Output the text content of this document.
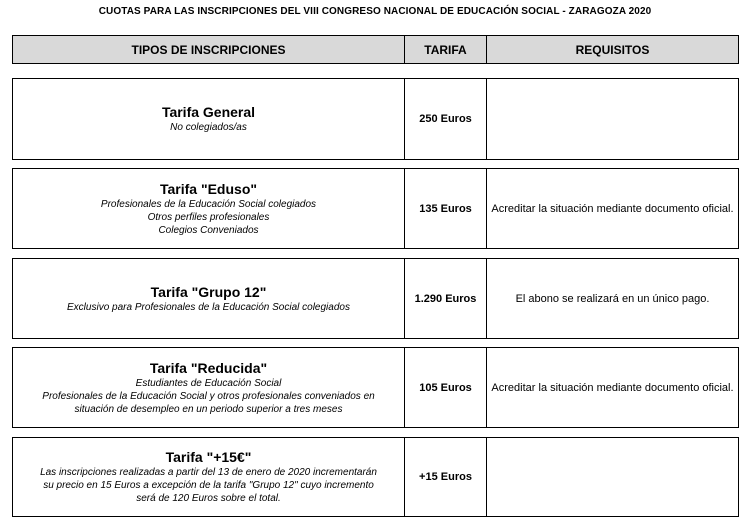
CUOTAS PARA LAS INSCRIPCIONES DEL VIII CONGRESO NACIONAL DE EDUCACIÓN SOCIAL - ZARAGOZA 2020
TIPOS DE INSCRIPCIONES	TARIFA	REQUISITOS
Tarifa General
No colegiados/as
250 Euros
Tarifa "Eduso"
Profesionales de la Educación Social colegiados
Otros perfiles profesionales
Colegios Conveniados
135 Euros	Acreditar la situación mediante documento oficial.
Tarifa "Grupo 12"
Exclusivo para Profesionales de la Educación Social colegiados
1.290 Euros	El abono se realizará en un único pago.
Tarifa "Reducida"
Estudiantes de Educación Social
Profesionales de la Educación Social y otros profesionales conveniados en
situación de desempleo en un periodo superior a tres meses
105 Euros	Acreditar la situación mediante documento oficial.
Tarifa "+15€"
Las inscripciones realizadas a partir del 13 de enero de 2020 incrementarán
su precio en 15 Euros a excepción de la tarifa "Grupo 12" cuyo incremento
será de 120 Euros sobre el total.
+15 Euros
